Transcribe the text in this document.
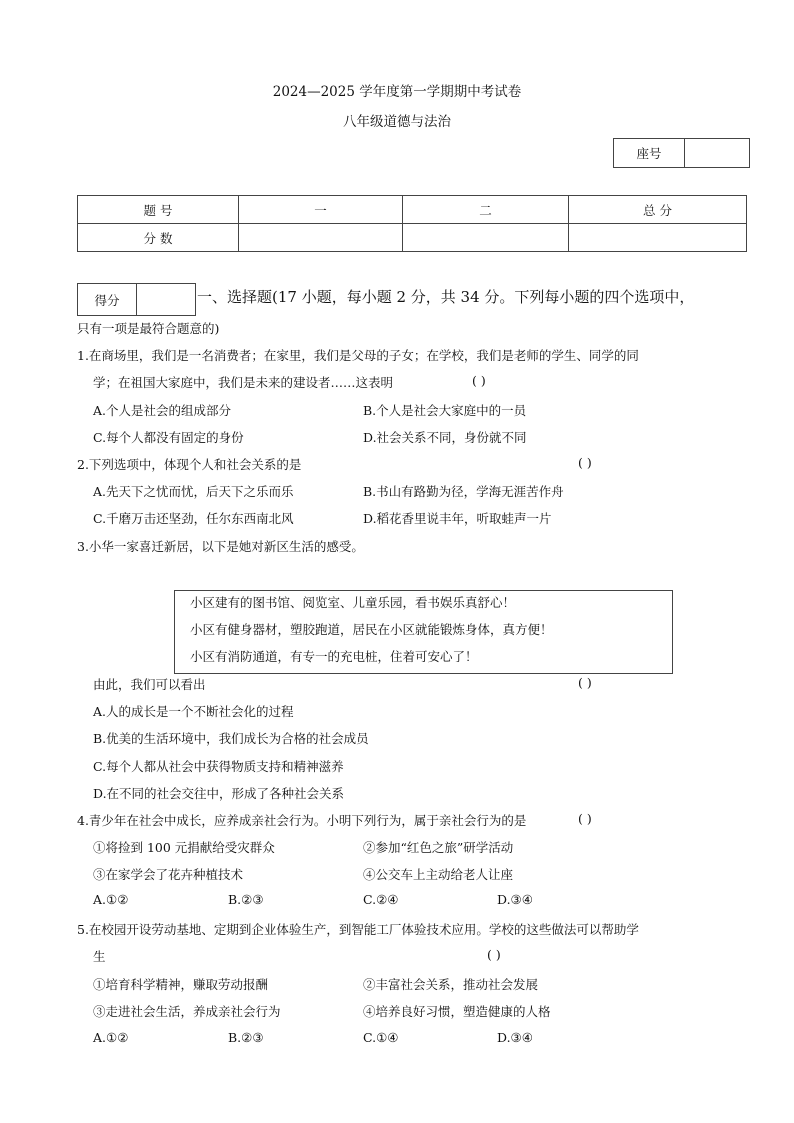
2024—2025 学年度第一学期期中考试卷
八年级道德与法治
座号	
题 号	一	二	总 分
分 数			
得分		一、选择题(17 小题，每小题 2 分，共 34 分。下列每小题的四个选项中，
只有一项是最符合题意的)
1.在商场里，我们是一名消费者；在家里，我们是父母的子女；在学校，我们是老师的学生、同学的同
学；在祖国大家庭中，我们是未来的建设者……这表明	( )
A.个人是社会的组成部分	B.个人是社会大家庭中的一员
C.每个人都没有固定的身份	D.社会关系不同，身份就不同
2.下列选项中，体现个人和社会关系的是	( )
A.先天下之忧而忧，后天下之乐而乐	B.书山有路勤为径，学海无涯苦作舟
C.千磨万击还坚劲，任尔东西南北风	D.稻花香里说丰年，听取蛙声一片
3.小华一家喜迁新居，以下是她对新区生活的感受。
小区建有的图书馆、阅览室、儿童乐园，看书娱乐真舒心！
小区有健身器材，塑胶跑道，居民在小区就能锻炼身体，真方便！
小区有消防通道，有专一的充电桩，住着可安心了！
由此，我们可以看出	( )
A.人的成长是一个不断社会化的过程
B.优美的生活环境中，我们成长为合格的社会成员
C.每个人都从社会中获得物质支持和精神滋养
D.在不同的社会交往中，形成了各种社会关系
4.青少年在社会中成长，应养成亲社会行为。小明下列行为，属于亲社会行为的是	( )
①将捡到 100 元捐献给受灾群众	②参加“红色之旅”研学活动
③在家学会了花卉种植技术	④公交车上主动给老人让座
A.①②	B.②③	C.②④	D.③④
5.在校园开设劳动基地、定期到企业体验生产，到智能工厂体验技术应用。学校的这些做法可以帮助学
生	( )
①培育科学精神，赚取劳动报酬	②丰富社会关系，推动社会发展
③走进社会生活，养成亲社会行为	④培养良好习惯，塑造健康的人格
A.①②	B.②③	C.①④	D.③④
